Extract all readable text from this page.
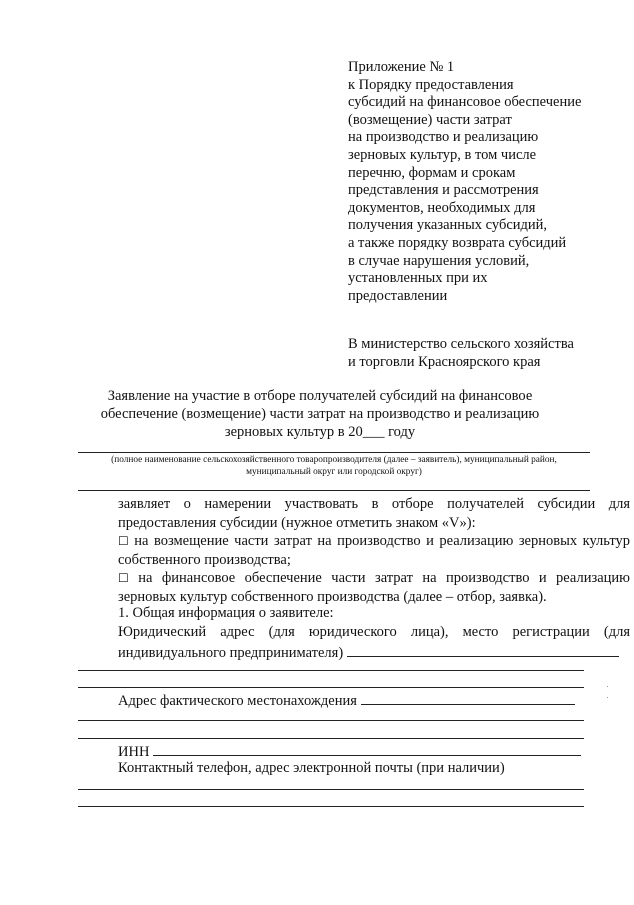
Приложение № 1
к Порядку предоставления
субсидий на финансовое обеспечение
(возмещение) части затрат
на производство и реализацию
зерновых культур, в том числе
перечню, формам и срокам
представления и рассмотрения
документов, необходимых для
получения указанных субсидий,
а также порядку возврата субсидий
в случае нарушения условий,
установленных при их
предоставлении
В министерство сельского хозяйства
и торговли Красноярского края
Заявление на участие в отборе получателей субсидий на финансовое
обеспечение (возмещение) части затрат на производство и реализацию
зерновых культур в 20___ году
(полное наименование сельскохозяйственного товаропроизводителя (далее – заявитель), муниципальный район,
муниципальный округ или городской округ)
заявляет о намерении участвовать в отборе получателей субсидии для предоставления субсидии (нужное отметить знаком «V»):
☐ на возмещение части затрат на производство и реализацию зерновых культур собственного производства;
☐ на финансовое обеспечение части затрат на производство и реализацию зерновых культур собственного производства (далее – отбор, заявка).
1. Общая информация о заявителе:
Юридический адрес (для юридического лица), место регистрации (для индивидуального предпринимателя)
Адрес фактического местонахождения
ИНН
Контактный телефон, адрес электронной почты (при наличии)
